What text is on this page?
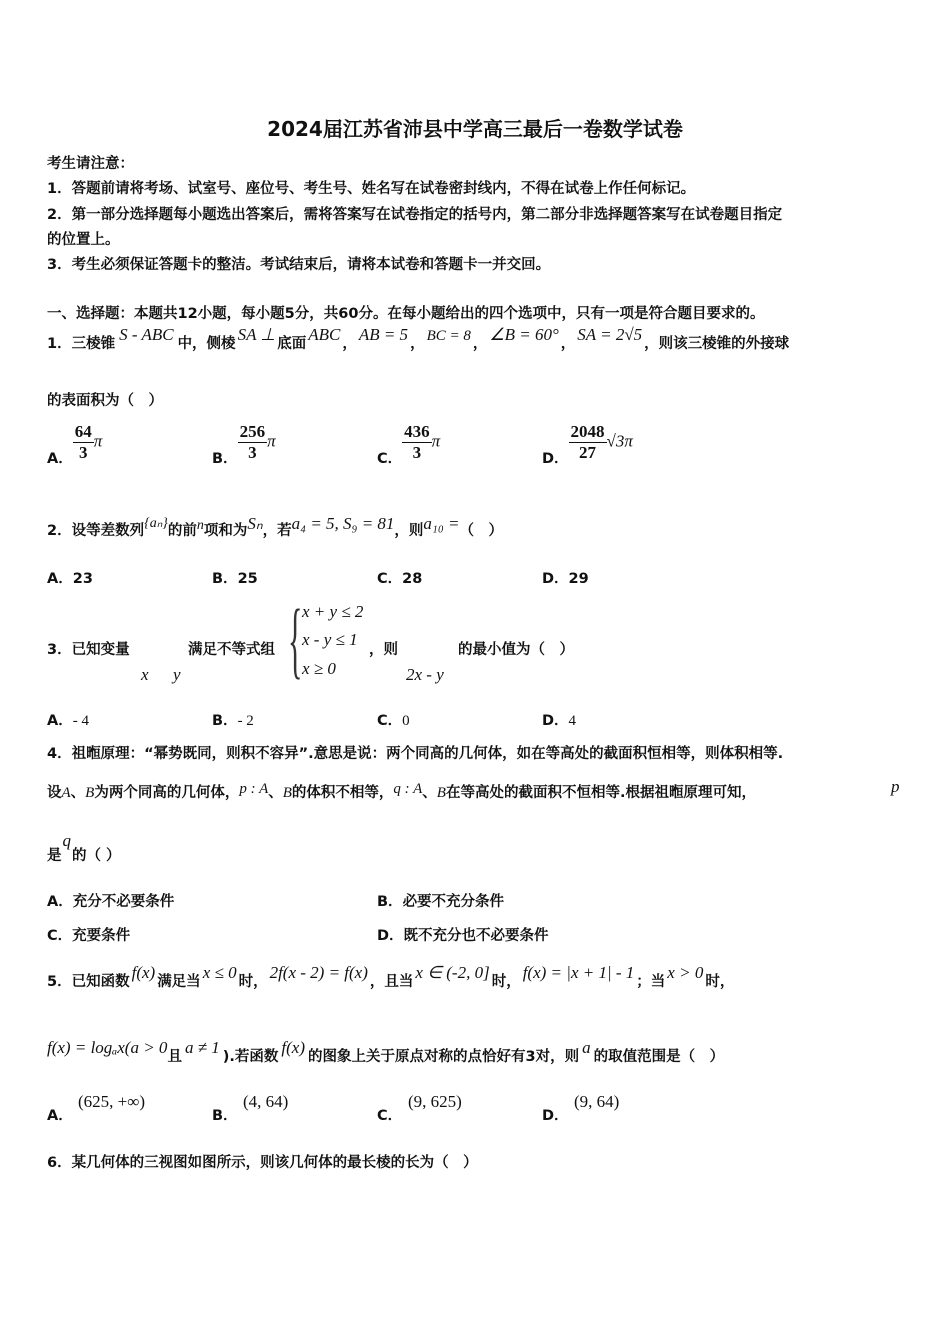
2024届江苏省沛县中学高三最后一卷数学试卷
考生请注意：
1．答题前请将考场、试室号、座位号、考生号、姓名写在试卷密封线内，不得在试卷上作任何标记。
2．第一部分选择题每小题选出答案后，需将答案写在试卷指定的括号内，第二部分非选择题答案写在试卷题目指定
的位置上。
3．考生必须保证答题卡的整洁。考试结束后，请将本试卷和答题卡一并交回。
一、选择题：本题共12小题，每小题5分，共60分。在每小题给出的四个选项中，只有一项是符合题目要求的。
1．三棱锥 S - ABC 中，侧棱 SA ⊥ 底面 ABC ， AB = 5 ， BC = 8 ， ∠B = 60° ， SA = 2√5 ，则该三棱锥的外接球
的表面积为（　）
A． $\frac{64}{3}$ π
B． $\frac{256}{3}$ π
C． $\frac{436}{3}$ π
D． $\frac{2048}{27} √3\pi$
2．设等差数列{aₙ}的前n项和为Sₙ，若a₄ = 5, S₉ = 81，则a₁₀ =（　）
A．23	B．25	C．28	D．29
3．已知变量	满足不等式组 { x + y ≤ 2
x - y ≤ 1
x ≥ 0
，则	的最小值为（　）
x y	2x - y
A．- 4	B．- 2	C．0	D．4
4．祖暅原理：“幂势既同，则积不容异”.意思是说：两个同高的几何体，如在等高处的截面积恒相等，则体积相等.
设A、B为两个同高的几何体，p : A、B的体积不相等，q : A、B在等高处的截面积不恒相等.根据祖暅原理可知，	p
是q的（ ）
A．充分不必要条件	B．必要不充分条件
C．充要条件	D．既不充分也不必要条件
5．已知函数 f(x) 满足当 x ≤ 0 时， 2f(x - 2) = f(x) ，且当 x ∈ (-2, 0] 时， f(x) = |x + 1| - 1 ；当 x > 0 时，
f(x) = logₐx(a > 0且 a ≠ 1 ).若函数 f(x) 的图象上关于原点对称的点恰好有3对，则 a 的取值范围是（　）
A．
(625, +∞)
B．
(4, 64)
C．
(9, 625)
D．
(9, 64)
6．某几何体的三视图如图所示，则该几何体的最长棱的长为（　）
